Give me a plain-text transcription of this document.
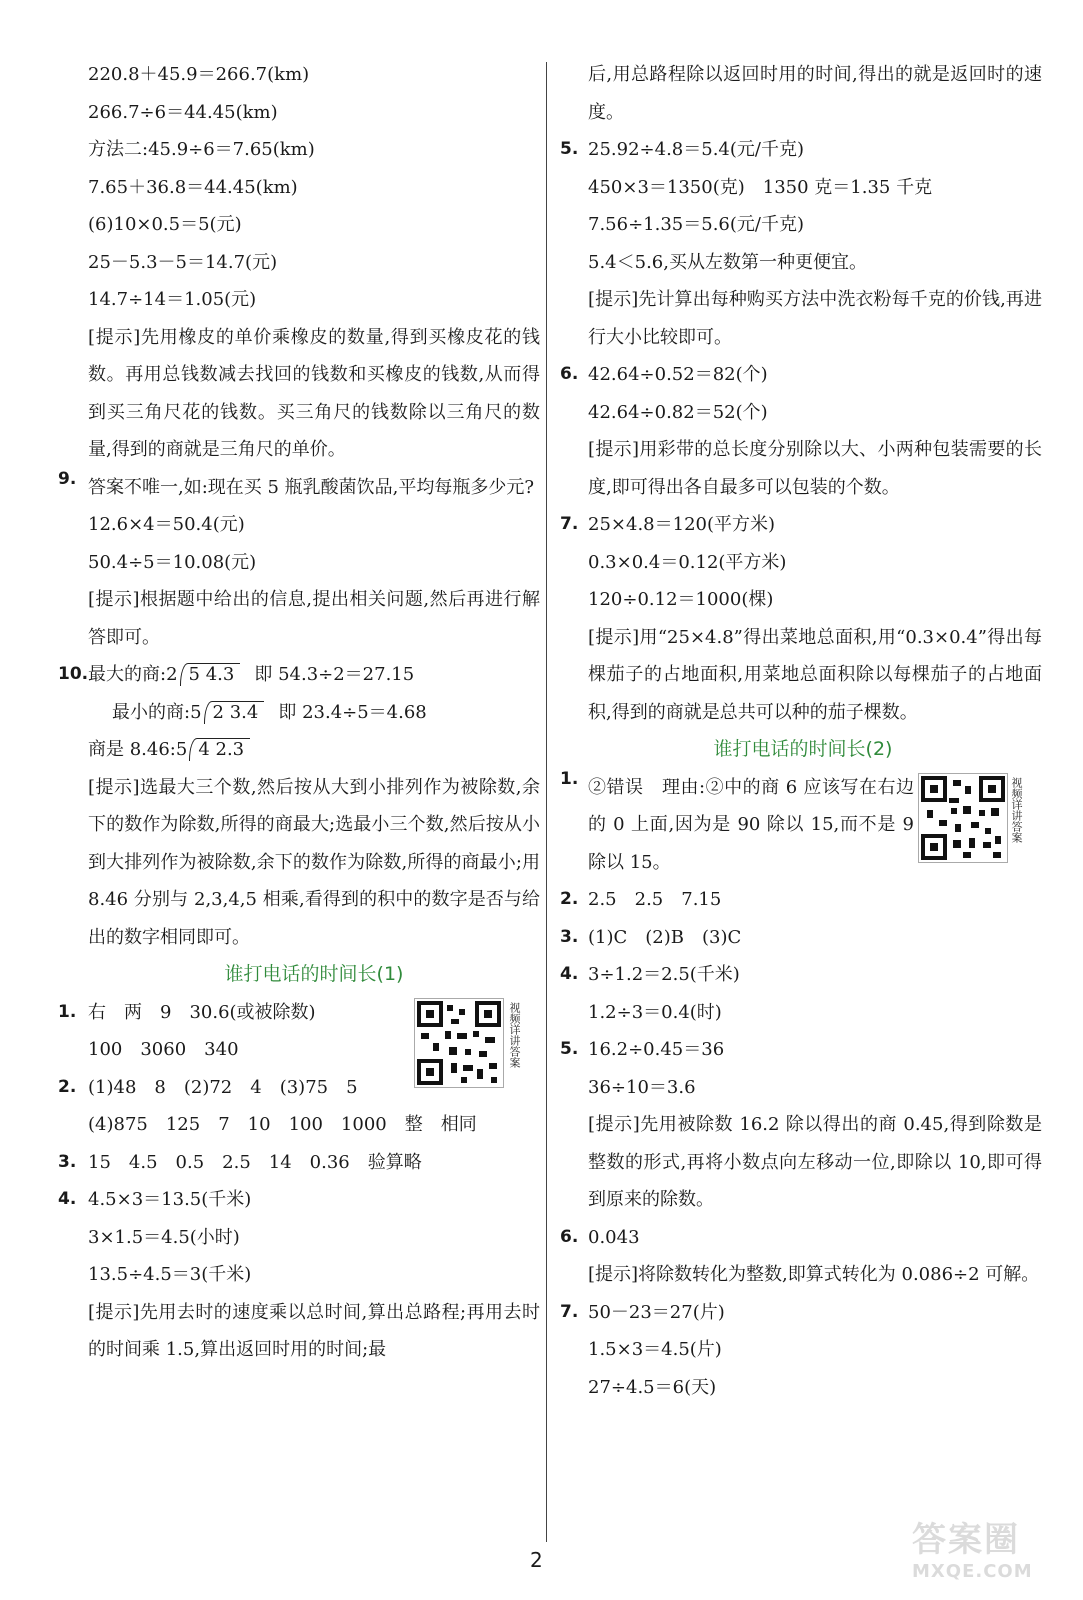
220.8＋45.9＝266.7(km)
266.7÷6＝44.45(km)
方法二:45.9÷6＝7.65(km)
7.65＋36.8＝44.45(km)
(6)10×0.5＝5(元)
25－5.3－5＝14.7(元)
14.7÷14＝1.05(元)
[提示]先用橡皮的单价乘橡皮的数量,得到买橡皮花的钱数。再用总钱数减去找回的钱数和买橡皮的钱数,从而得到买三角尺花的钱数。买三角尺的钱数除以三角尺的数量,得到的商就是三角尺的单价。
9. 答案不唯一,如:现在买 5 瓶乳酸菌饮品,平均每瓶多少元?
12.6×4＝50.4(元)
50.4÷5＝10.08(元)
[提示]根据题中给出的信息,提出相关问题,然后再进行解答即可。
10. 最大的商:2 5 4.3 即 54.3÷2＝27.15
最小的商:5 2 3.4 即 23.4÷5＝4.68
商是 8.46:5 4 2.3
[提示]选最大三个数,然后按从大到小排列作为被除数,余下的数作为除数,所得的商最大;选最小三个数,然后按从小到大排列作为被除数,余下的数作为除数,所得的商最小;用 8.46 分别与 2,3,4,5 相乘,看得到的积中的数字是否与给出的数字相同即可。
谁打电话的时间长(1)
视频详讲答案
1. 右　两　9　30.6(或被除数)
100　3060　340
2. (1)48　8　(2)72　4　(3)75　5
(4)875　125　7　10　100　1000　整　相同
3. 15　4.5　0.5　2.5　14　0.36　验算略
4. 4.5×3＝13.5(千米)
3×1.5＝4.5(小时)
13.5÷4.5＝3(千米)
[提示]先用去时的速度乘以总时间,算出总路程;再用去时的时间乘 1.5,算出返回时用的时间;最
后,用总路程除以返回时用的时间,得出的就是返回时的速度。
5. 25.92÷4.8＝5.4(元/千克)
450×3＝1350(克)　1350 克＝1.35 千克
7.56÷1.35＝5.6(元/千克)
5.4＜5.6,买从左数第一种更便宜。
[提示]先计算出每种购买方法中洗衣粉每千克的价钱,再进行大小比较即可。
6. 42.64÷0.52＝82(个)
42.64÷0.82＝52(个)
[提示]用彩带的总长度分别除以大、小两种包装需要的长度,即可得出各自最多可以包装的个数。
7. 25×4.8＝120(平方米)
0.3×0.4＝0.12(平方米)
120÷0.12＝1000(棵)
[提示]用“25×4.8”得出菜地总面积,用“0.3×0.4”得出每棵茄子的占地面积,用菜地总面积除以每棵茄子的占地面积,得到的商就是总共可以种的茄子棵数。
谁打电话的时间长(2)
视频详讲答案
1. ②错误　理由:②中的商 6 应该写在右边的 0 上面,因为是 90 除以 15,而不是 9 除以 15。
2. 2.5　2.5　7.15
3. (1)C　(2)B　(3)C
4. 3÷1.2＝2.5(千米)
1.2÷3＝0.4(时)
5. 16.2÷0.45＝36
36÷10＝3.6
[提示]先用被除数 16.2 除以得出的商 0.45,得到除数是整数的形式,再将小数点向左移动一位,即除以 10,即可得到原来的除数。
6. 0.043
[提示]将除数转化为整数,即算式转化为 0.086÷2 可解。
7. 50－23＝27(片)
1.5×3＝4.5(片)
27÷4.5＝6(天)
2	答案圈
MXQE.COM
